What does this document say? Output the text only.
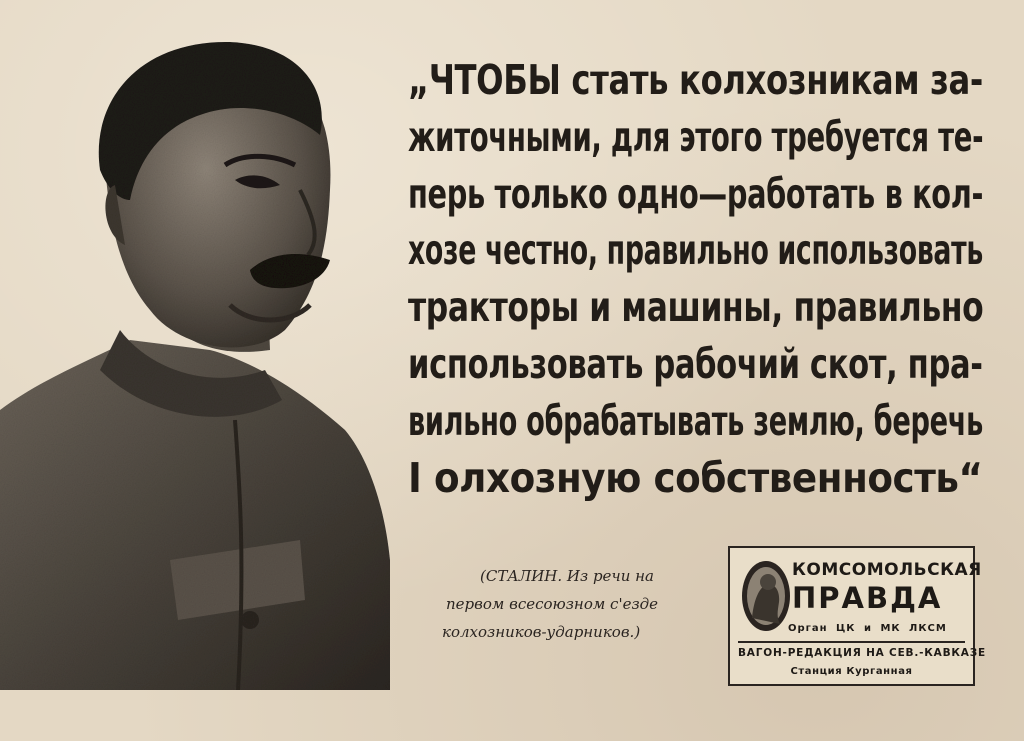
„ЧТОБЫ стать колхозникам за-
житочными, для этого требуется те-
перь только одно—работать в кол-
хозе честно, правильно использовать
тракторы и машины, правильно
использовать рабочий скот, пра-
вильно обрабатывать землю, беречь
I олхозную собственность“

(СТАЛИН. Из речи на
первом всесоюзном с'езде
колхозников-ударников.)
КОМСОМОЛЬСКАЯ
ПРАВДА
Орган ЦК и МК ЛКСМ
ВАГОН-РЕДАКЦИЯ НА СЕВ.-КАВКАЗЕ
Станция Курганная
